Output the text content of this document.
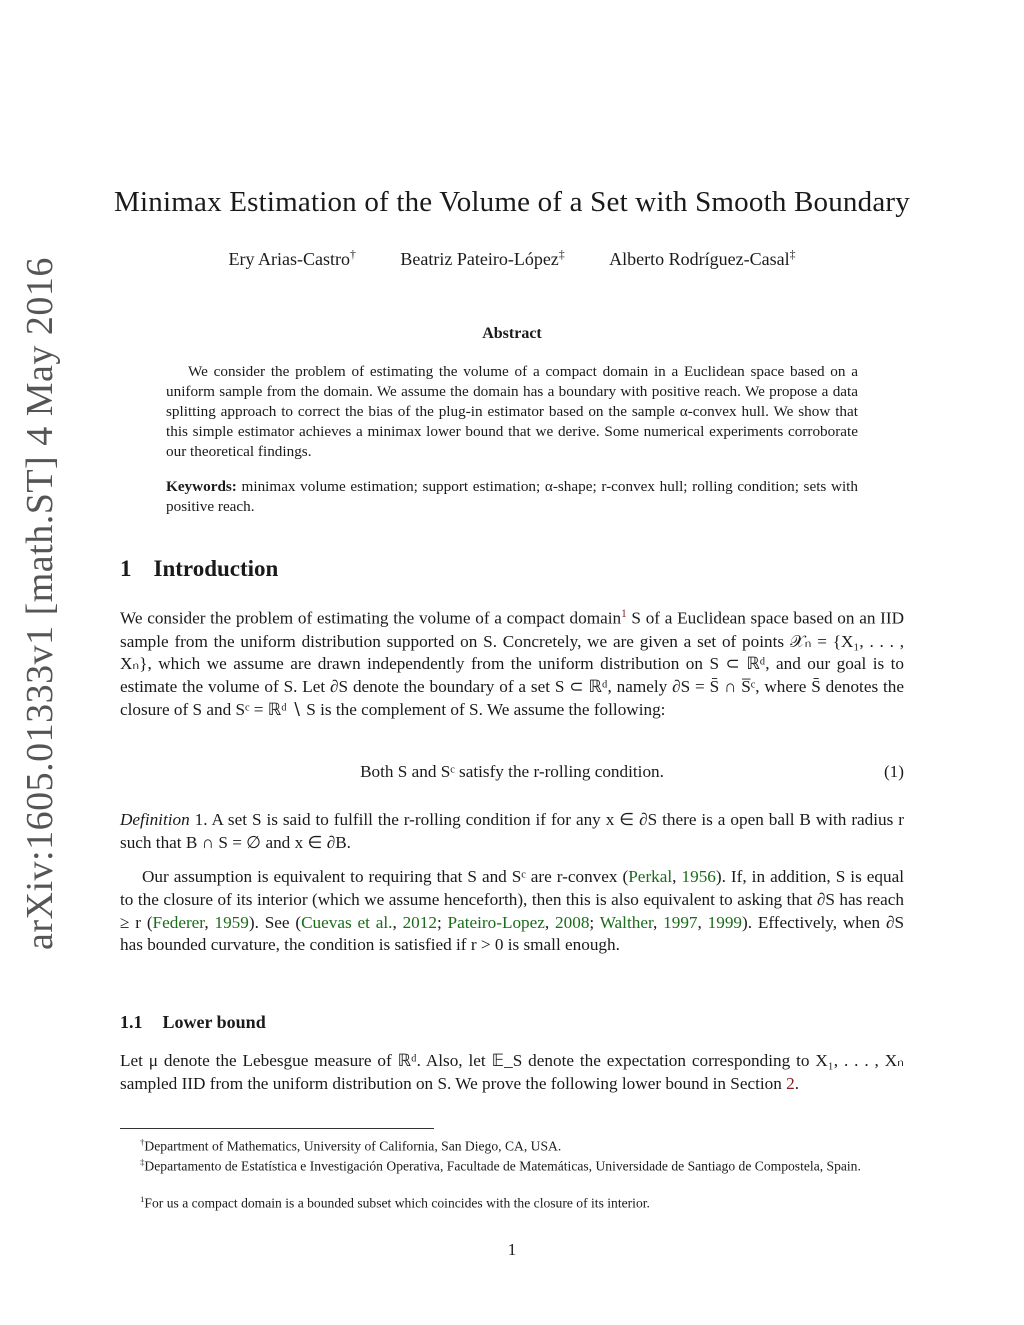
arXiv:1605.01333v1 [math.ST] 4 May 2016
Minimax Estimation of the Volume of a Set with Smooth Boundary
Ery Arias-Castro† Beatriz Pateiro-López‡ Alberto Rodríguez-Casal‡
Abstract
We consider the problem of estimating the volume of a compact domain in a Euclidean space based on a uniform sample from the domain. We assume the domain has a boundary with positive reach. We propose a data splitting approach to correct the bias of the plug-in estimator based on the sample α-convex hull. We show that this simple estimator achieves a minimax lower bound that we derive. Some numerical experiments corroborate our theoretical findings.
Keywords: minimax volume estimation; support estimation; α-shape; r-convex hull; rolling condition; sets with positive reach.
1 Introduction
We consider the problem of estimating the volume of a compact domain$^1$ S of a Euclidean space based on an IID sample from the uniform distribution supported on S. Concretely, we are given a set of points 𝒳ₙ = {X₁, . . . , Xₙ}, which we assume are drawn independently from the uniform distribution on S ⊂ ℝᵈ, and our goal is to estimate the volume of S. Let ∂S denote the boundary of a set S ⊂ ℝᵈ, namely ∂S = S̄ ∩ S̅ᶜ, where S̄ denotes the closure of S and Sᶜ = ℝᵈ ∖ S is the complement of S. We assume the following:
Both S and Sᶜ satisfy the r-rolling condition.	(1)
Definition 1. A set S is said to fulfill the r-rolling condition if for any x ∈ ∂S there is a open ball B with radius r such that B ∩ S = ∅ and x ∈ ∂B.
Our assumption is equivalent to requiring that S and Sᶜ are r-convex (Perkal, 1956). If, in addition, S is equal to the closure of its interior (which we assume henceforth), then this is also equivalent to asking that ∂S has reach ≥ r (Federer, 1959). See (Cuevas et al., 2012; Pateiro-Lopez, 2008; Walther, 1997, 1999). Effectively, when ∂S has bounded curvature, the condition is satisfied if r > 0 is small enough.
1.1 Lower bound
Let μ denote the Lebesgue measure of ℝᵈ. Also, let 𝔼_S denote the expectation corresponding to X₁, . . . , Xₙ sampled IID from the uniform distribution on S. We prove the following lower bound in Section 2.
†Department of Mathematics, University of California, San Diego, CA, USA.
‡Departamento de Estatística e Investigación Operativa, Facultade de Matemáticas, Universidade de Santiago de Compostela, Spain.
$^1$For us a compact domain is a bounded subset which coincides with the closure of its interior.
1
